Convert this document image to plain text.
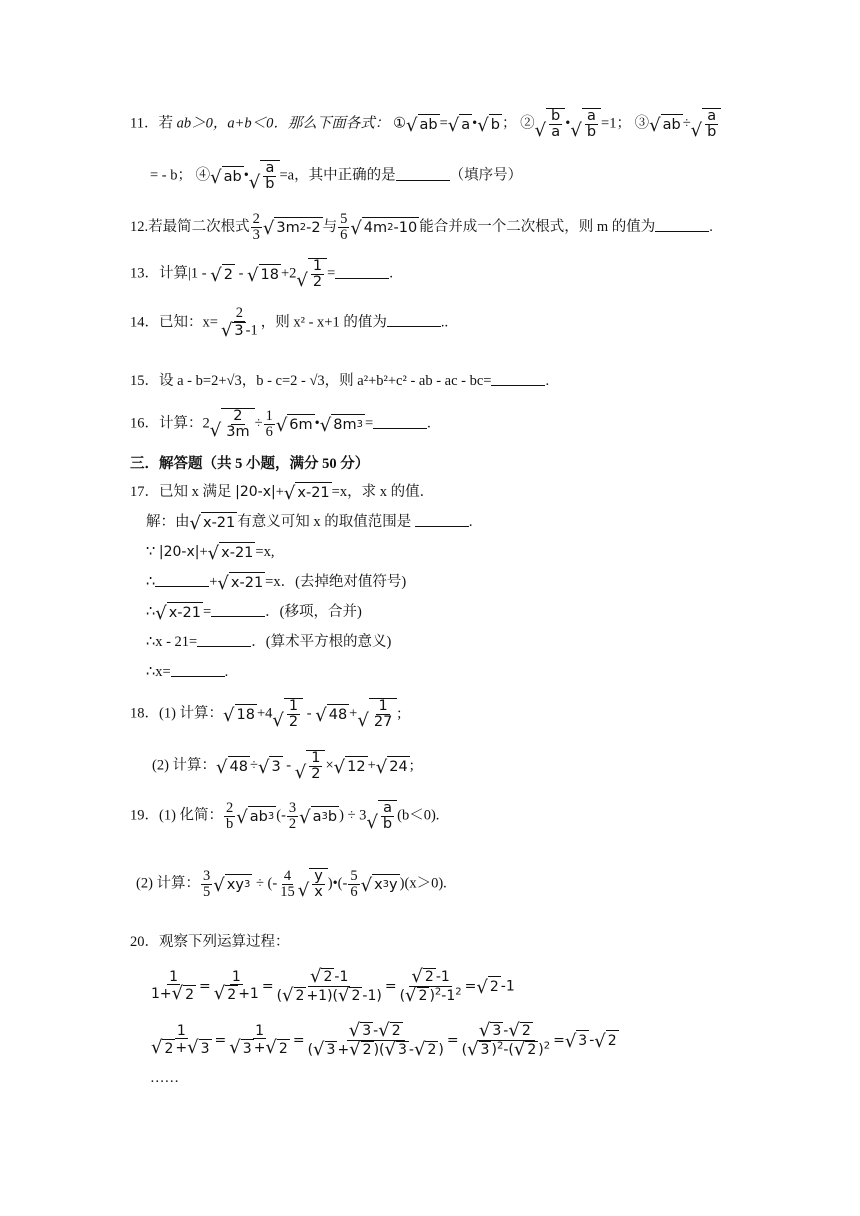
11．若 ab＞0，a+b＜0．那么下面各式： ① √ ab = √ a • √ b ； ② √ $\frac{b}{a}$ • √ $\frac{a}{b} =1$； ③ √ ab ÷ √ $\frac{a}{b}$
= - b； ④ √ ab • √ $\frac{a}{b} =a$，其中正确的是	（填序号）
12.若最简二次根式 $\frac{2}{3}$ √ 3m 2 -2 与 $\frac{5}{6}$ √ 4m 2 -10 能合并成一个二次根式，则 m 的值为	.
13．计算|1 - √ 2 - √ 18 +2 √ $\frac{1}{2}$ =	.
14．已知：$x= \frac{2}{√ 3 -1}$ ，则 x² - x+1 的值为	..
15．设 a - b=2+√3，b - c=2 - √3，则 a²+b²+c² - ab - ac - bc=	.
16．计算：2 √ $\frac{2}{3m} \div \frac{1}{6}$ √ 6m • √ 8m 3 =	.
三．解答题（共 5 小题，满分 50 分）
17．已知 x 满足 |20-x|+ √ x-21 =x，求 x 的值．
解：由 √ x-21 有意义可知 x 的取值范围是	.
∵ |20-x|+ √ x-21 =x,
∴	+ √ x-21 =x．(去掉绝对值符号)
∴ √ x-21 =	．(移项，合并)
∴x - 21=	．(算术平方根的意义)
∴x=	.
18．(1) 计算： √ 18 +4 √ $\frac{1}{2}$ - √ 48 + √ $\frac{1}{27}$ ;
(2) 计算： √ 48 ÷ √ 3 - √ $\frac{1}{2}$ × √ 12 + √ 24 ;
19．(1) 化简： $\frac{2}{b}$ √ ab 3 (- $\frac{3}{2}$ √ a 3 b ) ÷ 3 √ $\frac{a}{b} (b<0)$.
(2) 计算： $\frac{3}{5}$ √ xy 3 ÷ (- $\frac{4}{15}$ √ $\frac{y}{x}$ )•(- $\frac{5}{6}$ √ x 3 y )(x＞0).
20．观察下列运算过程：
$\frac{1}{1+ √ 2} = \frac{1}{√ 2 +1} = \frac{√ 2 -1}{( √ 2 +1)( √ 2 -1)} = \frac{√ 2 -1}{( √ 2 )^2-1^2}$ = √ 2 -1
$\frac{1}{√ 2 + √ 3} = \frac{1}{√ 3 + √ 2} = \frac{√ 3 - √ 2}{( √ 3 + √ 2 )( √ 3 - √ 2 )} = \frac{√ 3 - √ 2}{( √ 3 )^2-( √ 2 )^2}$ = √ 3 - √ 2
……
